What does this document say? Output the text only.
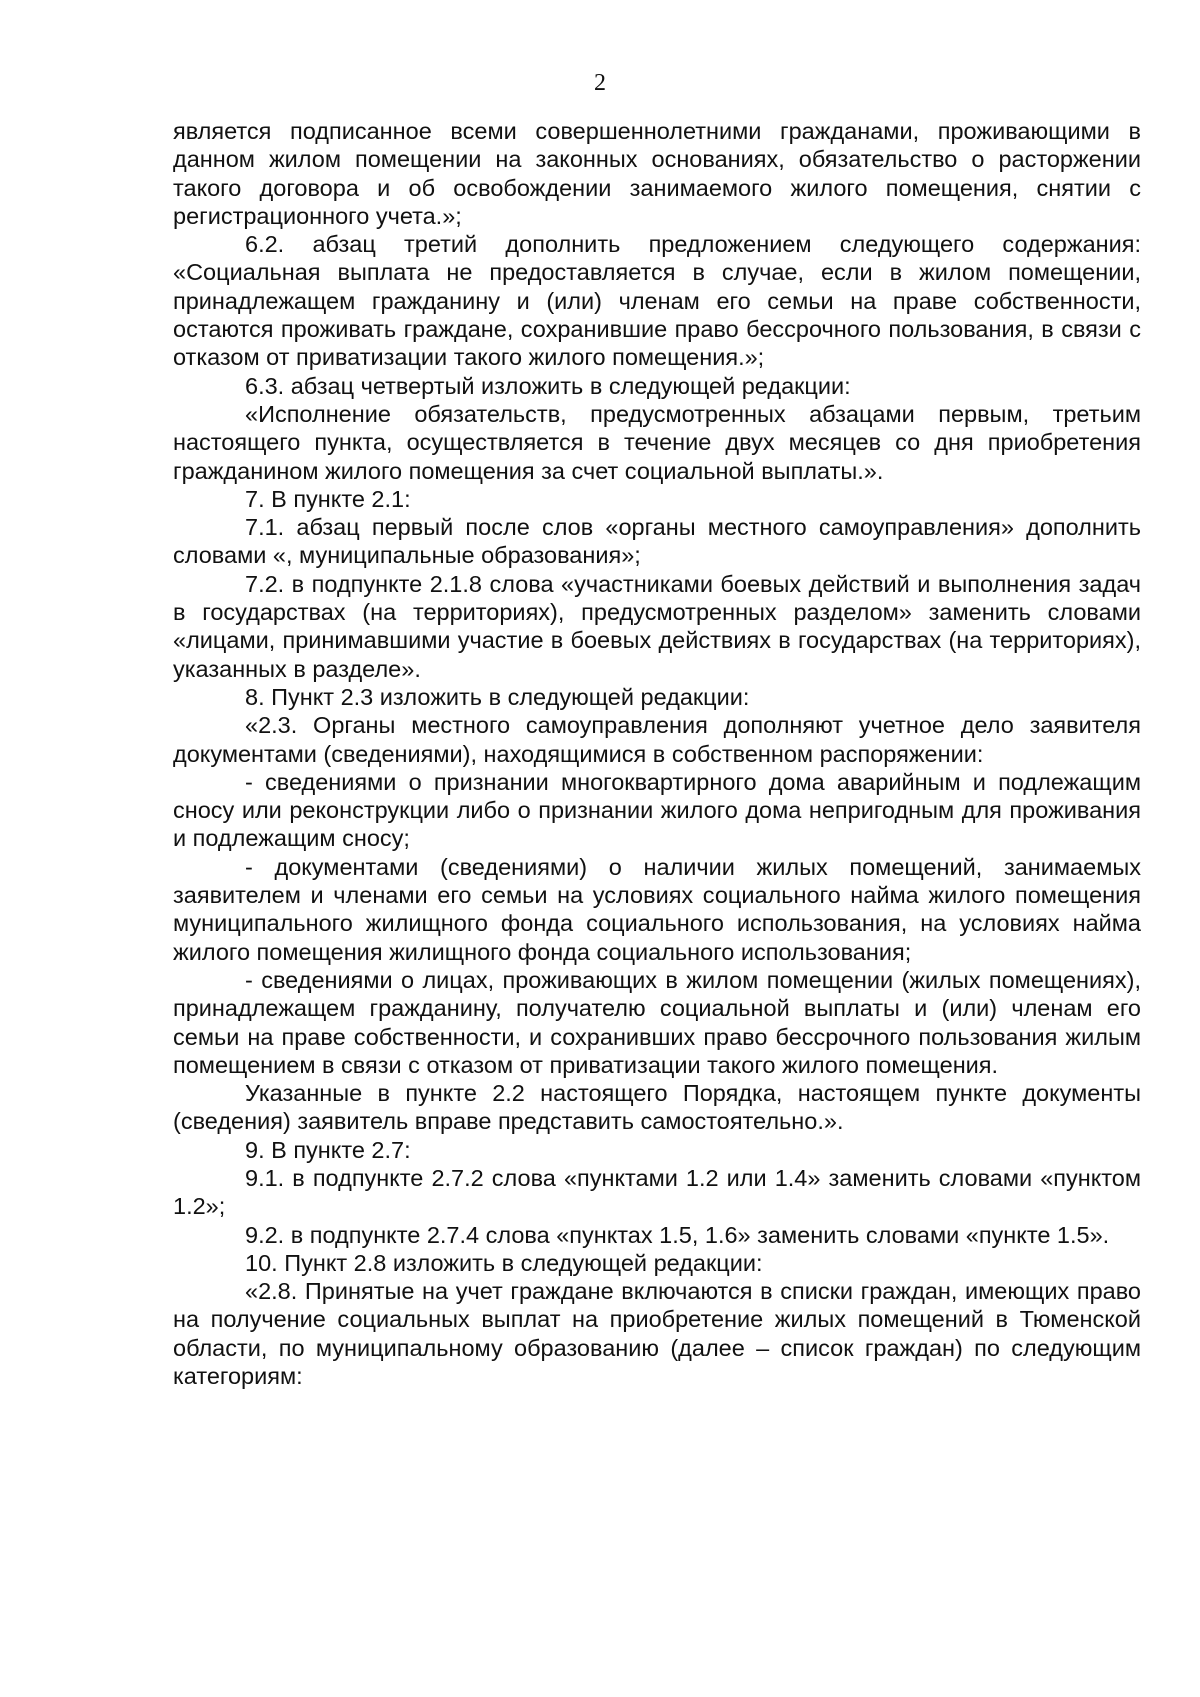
2

является подписанное всеми совершеннолетними гражданами, проживающими в данном жилом помещении на законных основаниях, обязательство о расторжении такого договора и об освобождении занимаемого жилого помещения, снятии с регистрационного учета.»;

6.2. абзац третий дополнить предложением следующего содержания: «Социальная выплата не предоставляется в случае, если в жилом помещении, принадлежащем гражданину и (или) членам его семьи на праве собственности, остаются проживать граждане, сохранившие право бессрочного пользования, в связи с отказом от приватизации такого жилого помещения.»;

6.3. абзац четвертый изложить в следующей редакции:

«Исполнение обязательств, предусмотренных абзацами первым, третьим настоящего пункта, осуществляется в течение двух месяцев со дня приобретения гражданином жилого помещения за счет социальной выплаты.».

7. В пункте 2.1:

7.1. абзац первый после слов «органы местного самоуправления» дополнить словами «, муниципальные образования»;

7.2. в подпункте 2.1.8 слова «участниками боевых действий и выполнения задач в государствах (на территориях), предусмотренных разделом» заменить словами «лицами, принимавшими участие в боевых действиях в государствах (на территориях), указанных в разделе».

8. Пункт 2.3 изложить в следующей редакции:

«2.3. Органы местного самоуправления дополняют учетное дело заявителя документами (сведениями), находящимися в собственном распоряжении:

- сведениями о признании многоквартирного дома аварийным и подлежащим сносу или реконструкции либо о признании жилого дома непригодным для проживания и подлежащим сносу;

- документами (сведениями) о наличии жилых помещений, занимаемых заявителем и членами его семьи на условиях социального найма жилого помещения муниципального жилищного фонда социального использования, на условиях найма жилого помещения жилищного фонда социального использования;

- сведениями о лицах, проживающих в жилом помещении (жилых помещениях), принадлежащем гражданину, получателю социальной выплаты и (или) членам его семьи на праве собственности, и сохранивших право бессрочного пользования жилым помещением в связи с отказом от приватизации такого жилого помещения.

Указанные в пункте 2.2 настоящего Порядка, настоящем пункте документы (сведения) заявитель вправе представить самостоятельно.».

9. В пункте 2.7:

9.1. в подпункте 2.7.2 слова «пунктами 1.2 или 1.4» заменить словами «пунктом 1.2»;

9.2. в подпункте 2.7.4 слова «пунктах 1.5, 1.6» заменить словами «пункте 1.5».

10. Пункт 2.8 изложить в следующей редакции:

«2.8. Принятые на учет граждане включаются в списки граждан, имеющих право на получение социальных выплат на приобретение жилых помещений в Тюменской области, по муниципальному образованию (далее – список граждан) по следующим категориям:
